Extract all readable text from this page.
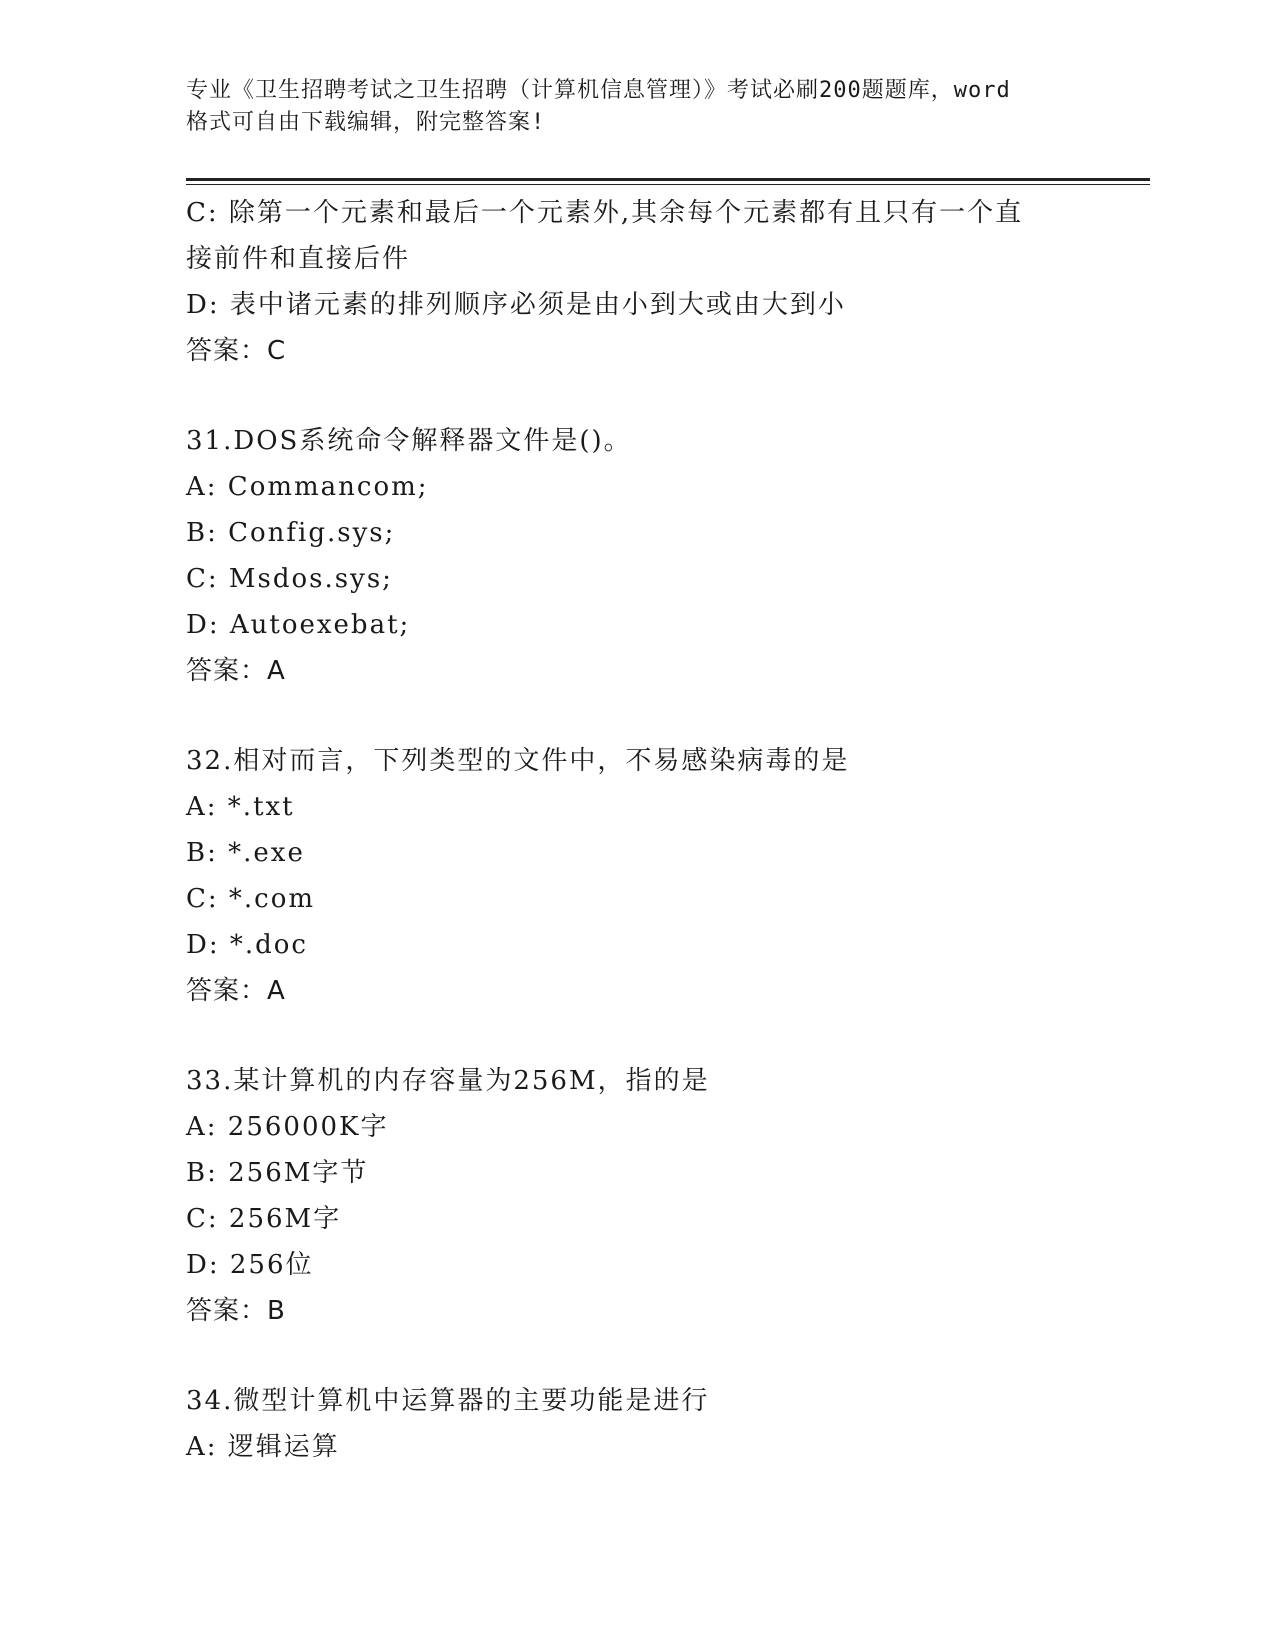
专业《卫生招聘考试之卫生招聘（计算机信息管理）》考试必刷200题题库，word
格式可自由下载编辑，附完整答案!
C: 除第一个元素和最后一个元素外,其余每个元素都有且只有一个直
接前件和直接后件
D: 表中诸元素的排列顺序必须是由小到大或由大到小
答案：C
31.DOS系统命令解释器文件是()。
A: Commancom;
B: Config.sys;
C: Msdos.sys;
D: Autoexebat;
答案：A
32.相对而言，下列类型的文件中，不易感染病毒的是
A: *.txt
B: *.exe
C: *.com
D: *.doc
答案：A
33.某计算机的内存容量为256M，指的是
A: 256000K字
B: 256M字节
C: 256M字
D: 256位
答案：B
34.微型计算机中运算器的主要功能是进行
A: 逻辑运算
